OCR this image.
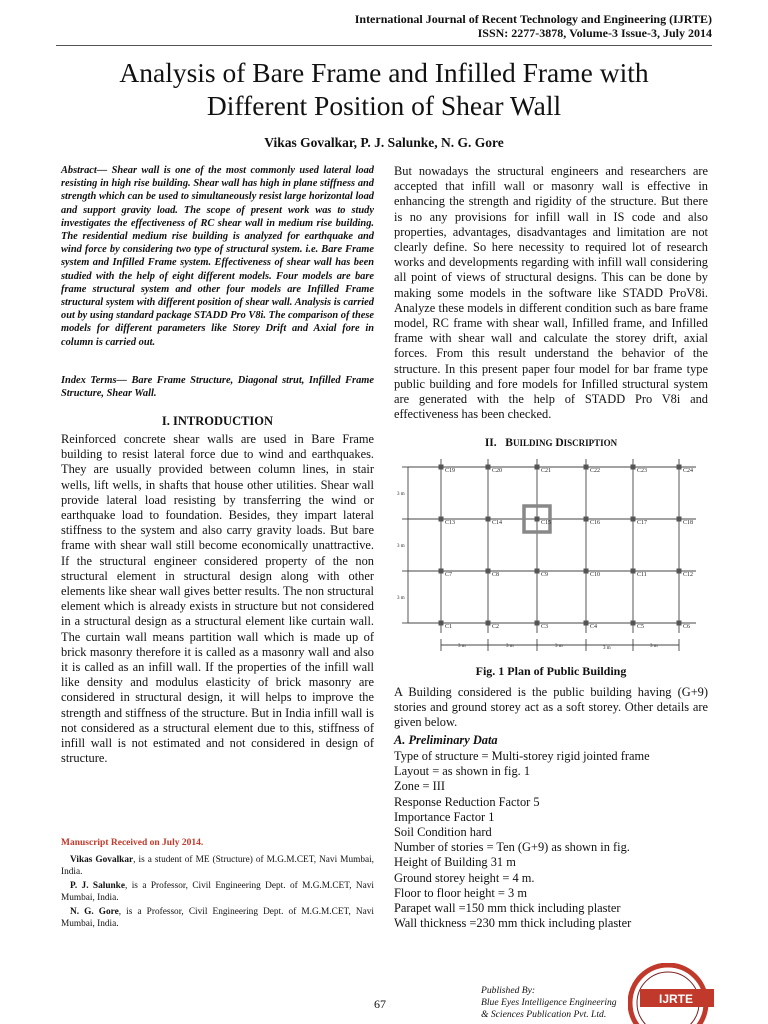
International Journal of Recent Technology and Engineering (IJRTE)
ISSN: 2277-3878, Volume-3 Issue-3, July 2014
Analysis of Bare Frame and Infilled Frame with
Different Position of Shear Wall
Vikas Govalkar, P. J. Salunke, N. G. Gore

Abstract— Shear wall is one of the most commonly used lateral load resisting in high rise building. Shear wall has high in plane stiffness and strength which can be used to simultaneously resist large horizontal load and support gravity load. The scope of present work was to study investigates the effectiveness of RC shear wall in medium rise building. The residential medium rise building is analyzed for earthquake and wind force by considering two type of structural system. i.e. Bare Frame system and Infilled Frame system. Effectiveness of shear wall has been studied with the help of eight different models. Four models are bare frame structural system and other four models are Infilled Frame structural system with different position of shear wall. Analysis is carried out by using standard package STADD Pro V8i. The comparison of these models for different parameters like Storey Drift and Axial fore in column is carried out.

Index Terms— Bare Frame Structure, Diagonal strut, Infilled Frame Structure, Shear Wall.

I. INTRODUCTION

Reinforced concrete shear walls are used in Bare Frame building to resist lateral force due to wind and earthquakes. They are usually provided between column lines, in stair wells, lift wells, in shafts that house other utilities. Shear wall provide lateral load resisting by transferring the wind or earthquake load to foundation. Besides, they impart lateral stiffness to the system and also carry gravity loads. But bare frame with shear wall still become economically unattractive. If the structural engineer considered property of the non structural element in structural design along with other elements like shear wall gives better results. The non structural element which is already exists in structure but not considered in a structural design as a structural element like curtain wall. The curtain wall means partition wall which is made up of brick masonry therefore it is called as a masonry wall and also it is called as an infill wall. If the properties of the infill wall like density and modulus elasticity of brick masonry are considered in structural design, it will helps to improve the strength and stiffness of the structure. But in India infill wall is not considered as a structural element due to this, stiffness of infill wall is not estimated and not considered in design of structure.

Manuscript Received on July 2014.

Vikas Govalkar, is a student of ME (Structure) of M.G.M.CET, Navi Mumbai, India.

P. J. Salunke, is a Professor, Civil Engineering Dept. of M.G.M.CET, Navi Mumbai, India.

N. G. Gore, is a Professor, Civil Engineering Dept. of M.G.M.CET, Navi Mumbai, India.

But nowadays the structural engineers and researchers are accepted that infill wall or masonry wall is effective in enhancing the strength and rigidity of the structure. But there is no any provisions for infill wall in IS code and also properties, advantages, disadvantages and limitation are not clearly define. So here necessity to required lot of research works and developments regarding with infill wall considering all point of views of structural designs. This can be done by making some models in the software like STADD ProV8i. Analyze these models in different condition such as bare frame model, RC frame with shear wall, Infilled frame, and Infilled frame with shear wall and calculate the storey drift, axial forces. From this result understand the behavior of the structure. In this present paper four model for bar frame type public building and fore models for Infilled structural system are generated with the help of STADD Pro V8i and effectiveness has been checked.

II. BUILDING DISCRIPTION
C19	C20	C21	C22	C23	C24
C13	C14	C15	C16	C17	C18
C7	C8	C9	C10	C11	C12
C1	C2	C3	C4	C5	C6
3 m
3 m
3 m
3 m	3 m	3 m	3 m	3 m
Fig. 1 Plan of Public Building

A Building considered is the public building having (G+9) stories and ground storey act as a soft storey. Other details are given below.

A. Preliminary Data
Type of structure = Multi-storey rigid jointed frame
Layout = as shown in fig. 1
Zone = III
Response Reduction Factor 5
Importance Factor 1
Soil Condition hard
Number of stories = Ten (G+9) as shown in fig.
Height of Building 31 m
Ground storey height = 4 m.
Floor to floor height = 3 m
Parapet wall =150 mm thick including plaster
Wall thickness =230 mm thick including plaster
67
Published By:
Blue Eyes Intelligence Engineering
& Sciences Publication Pvt. Ltd.
IJRTE
